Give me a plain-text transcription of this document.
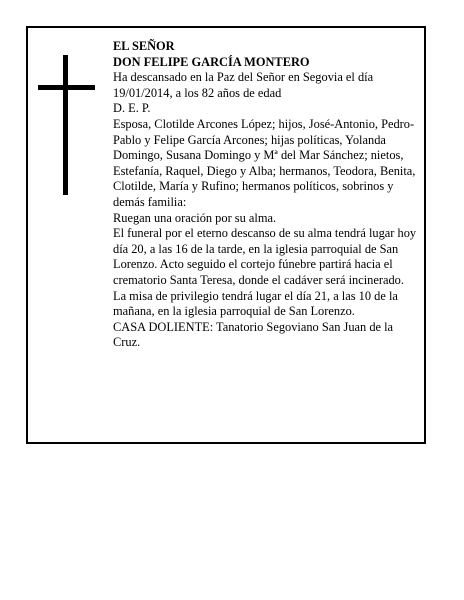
EL SEÑOR

DON FELIPE GARCÍA MONTERO

Ha descansado en la Paz del Señor en Segovia el día 19/01/2014, a los 82 años de edad

D. E. P.

Esposa, Clotilde Arcones López; hijos, José-Antonio, Pedro-Pablo y Felipe García Arcones; hijas políticas, Yolanda Domingo, Susana Domingo y Mª del Mar Sánchez; nietos, Estefanía, Raquel, Diego y Alba; hermanos, Teodora, Benita, Clotilde, María y Rufino; hermanos políticos, sobrinos y demás familia:

Ruegan una oración por su alma.

El funeral por el eterno descanso de su alma tendrá lugar hoy día 20, a las 16 de la tarde, en la iglesia parroquial de San Lorenzo. Acto seguido el cortejo fúnebre partirá hacia el crematorio Santa Teresa, donde el cadáver será incinerado. La misa de privilegio tendrá lugar el día 21, a las 10 de la mañana, en la iglesia parroquial de San Lorenzo.

CASA DOLIENTE: Tanatorio Segoviano San Juan de la Cruz.
